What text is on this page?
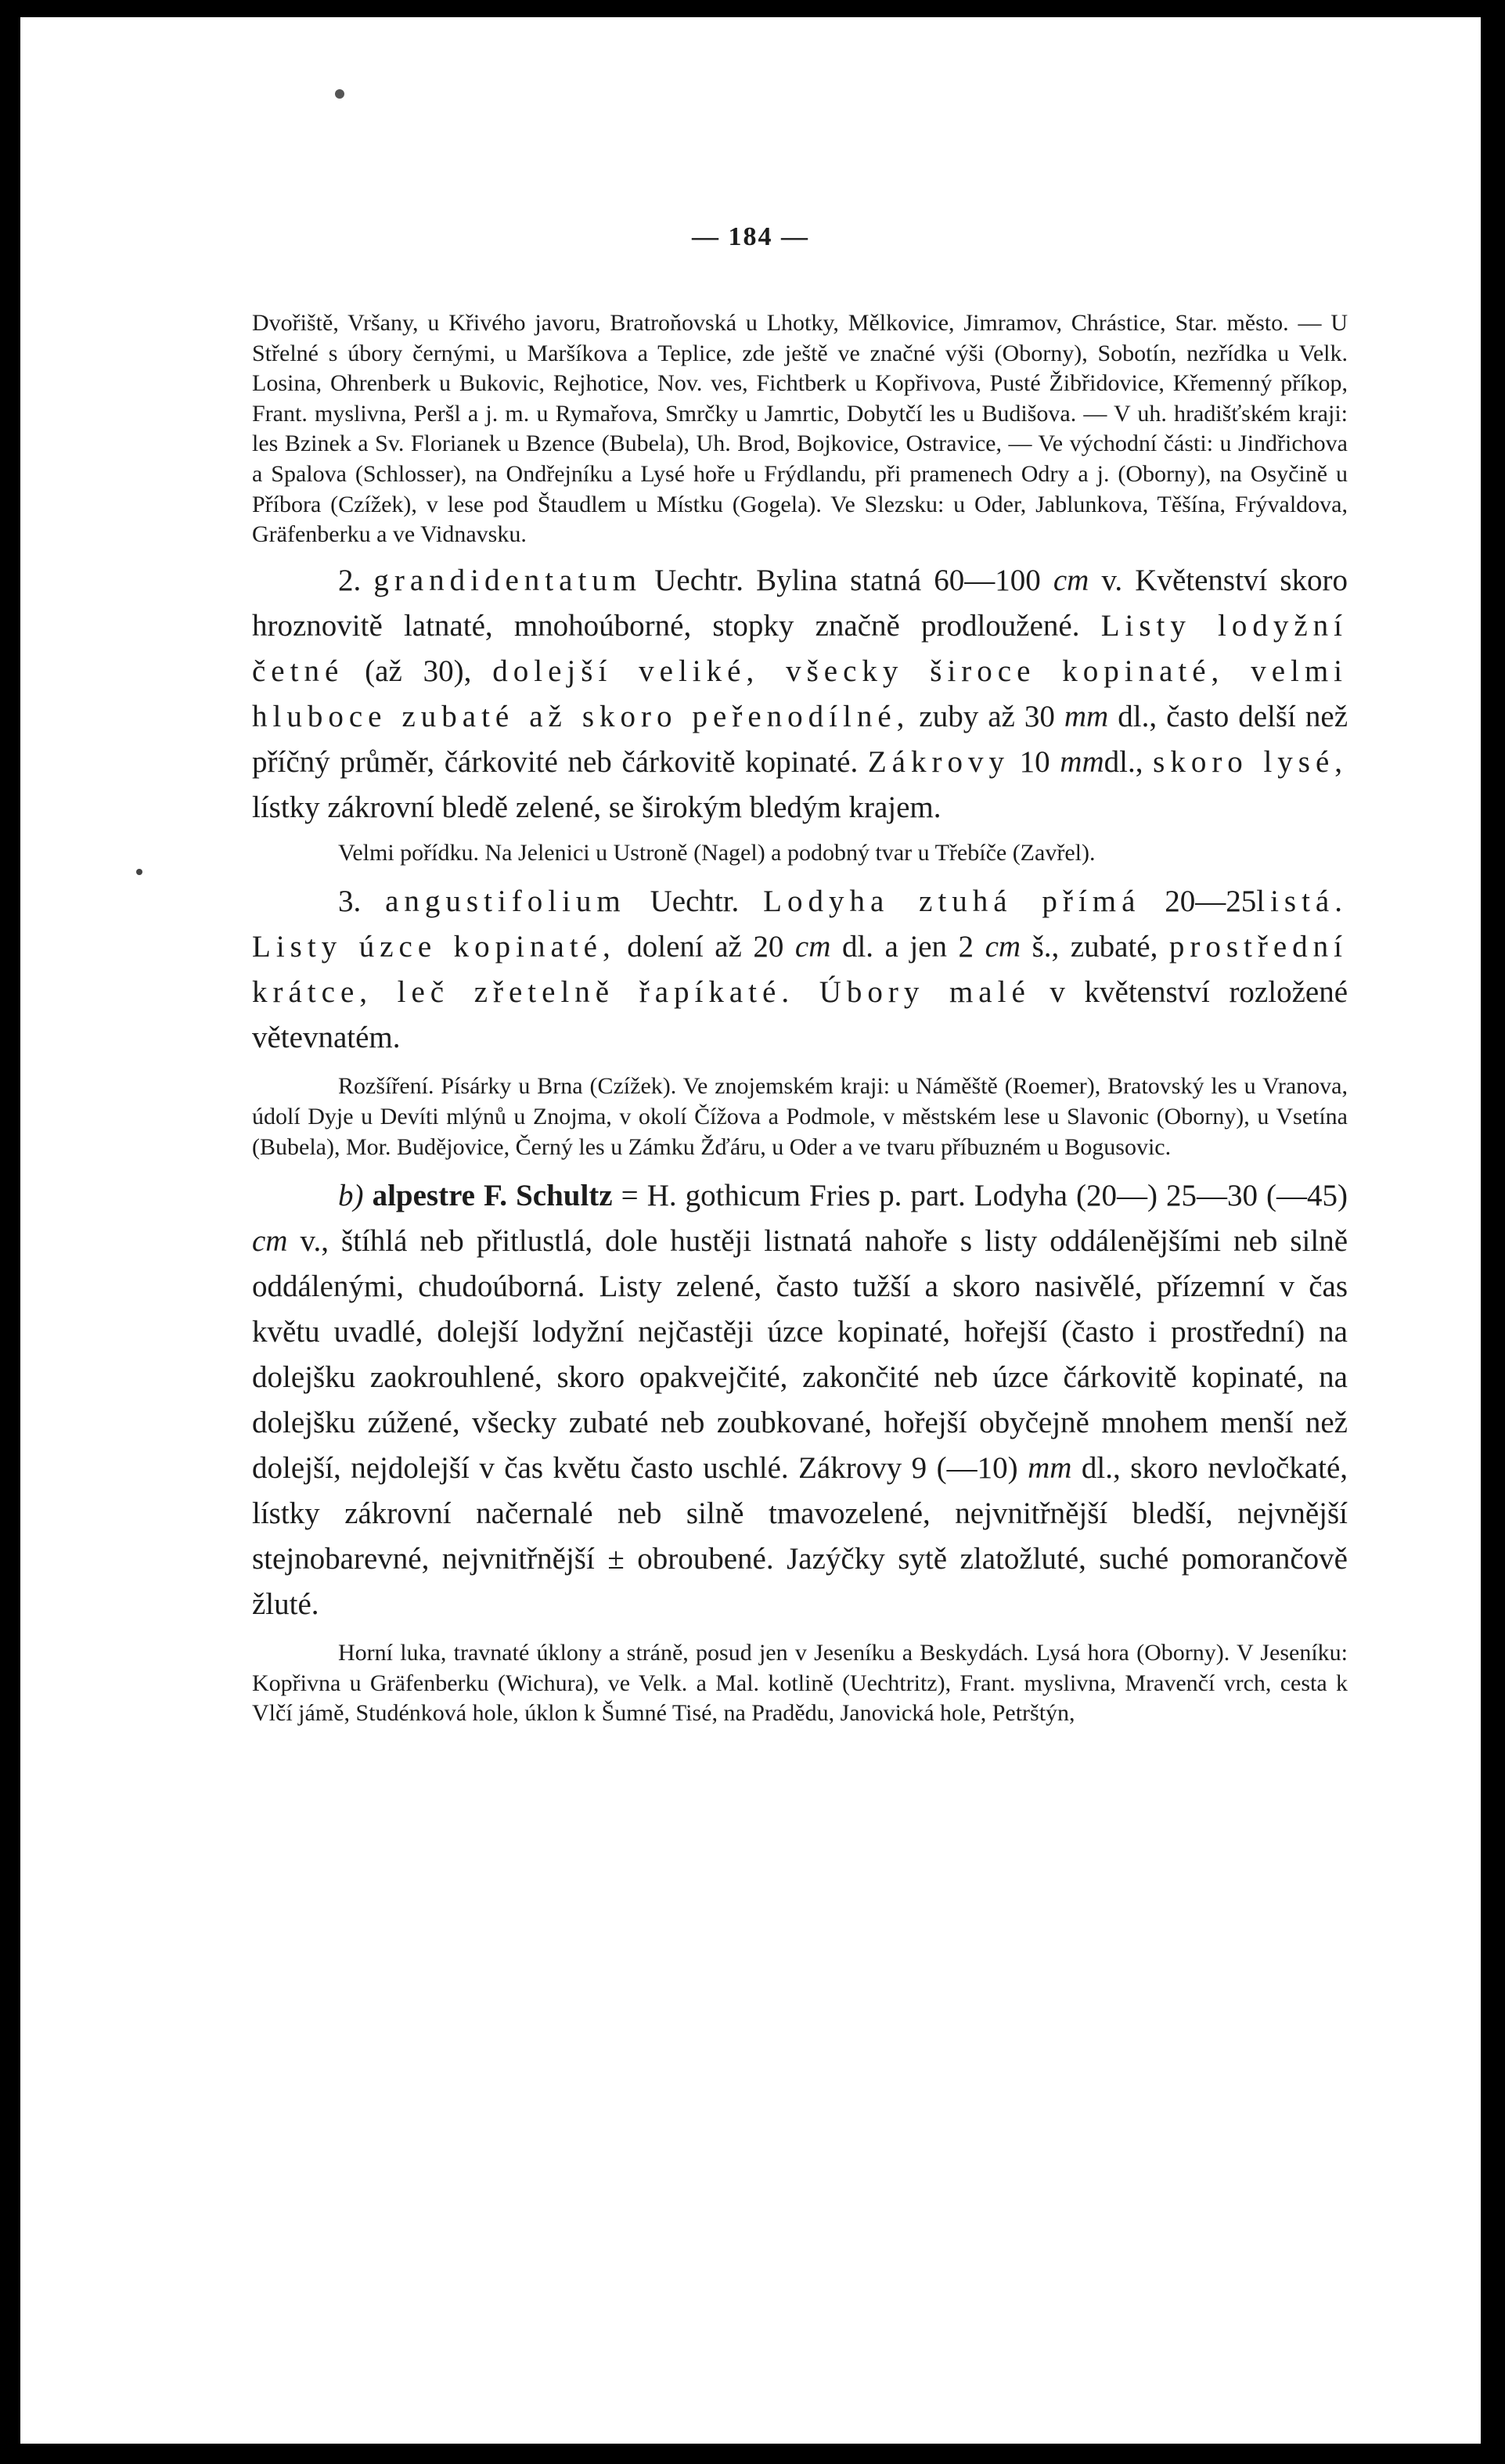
— 184 —

Dvořiště, Vršany, u Křivého javoru, Bratroňovská u Lhotky, Mělkovice, Jimramov, Chrástice, Star. město. — U Střelné s úbory černými, u Maršíkova a Teplice, zde ještě ve značné výši (Oborny), Sobotín, nezřídka u Velk. Losina, Ohrenberk u Bukovic, Rejhotice, Nov. ves, Fichtberk u Kopřivova, Pusté Žibřidovice, Křemenný příkop, Frant. myslivna, Peršl a j. m. u Rymařova, Smrčky u Jamrtic, Dobytčí les u Budišova. — V uh. hradišťském kraji: les Bzinek a Sv. Florianek u Bzence (Bubela), Uh. Brod, Bojkovice, Ostravice, — Ve východní části: u Jindřichova a Spalova (Schlosser), na Ondřejníku a Lysé hoře u Frýdlandu, při pramenech Odry a j. (Oborny), na Osyčině u Příbora (Czížek), v lese pod Štaudlem u Místku (Gogela). Ve Slezsku: u Oder, Jablunkova, Těšína, Frývaldova, Gräfenberku a ve Vidnavsku.

2. grandidentatum Uechtr. Bylina statná 60—100 cm v. Květenství skoro hroznovitě latnaté, mnohoúborné, stopky značně prodloužené. Listy lodyžní četné (až 30), dolejší veliké, všecky široce kopinaté, velmi hluboce zubaté až skoro peřenodílné, zuby až 30 mm dl., často delší než příčný průměr, čárkovité neb čárkovitě kopinaté. Zákrovy 10 mmdl., skoro lysé, lístky zákrovní bledě zelené, se širokým bledým krajem.

Velmi pořídku. Na Jelenici u Ustroně (Nagel) a podobný tvar u Třebíče (Zavřel).

3. angustifolium Uechtr. Lodyha ztuhá přímá 20—25listá. Listy úzce kopinaté, dolení až 20 cm dl. a jen 2 cm š., zubaté, prostřední krátce, leč zřetelně řapíkaté. Úbory malé v květenství rozložené větevnatém.

Rozšíření. Písárky u Brna (Czížek). Ve znojemském kraji: u Náměště (Roemer), Bratovský les u Vranova, údolí Dyje u Devíti mlýnů u Znojma, v okolí Čížova a Podmole, v městském lese u Slavonic (Oborny), u Vsetína (Bubela), Mor. Budějovice, Černý les u Zámku Žďáru, u Oder a ve tvaru příbuzném u Bogusovic.

b) alpestre F. Schultz = H. gothicum Fries p. part. Lodyha (20—) 25—30 (—45) cm v., štíhlá neb přitlustlá, dole hustěji listnatá nahoře s listy oddálenějšími neb silně oddálenými, chudoúborná. Listy zelené, často tužší a skoro nasivělé, přízemní v čas květu uvadlé, dolejší lodyžní nejčastěji úzce kopinaté, hořejší (často i prostřední) na dolejšku zaokrouhlené, skoro opakvejčité, zakončité neb úzce čárkovitě kopinaté, na dolejšku zúžené, všecky zubaté neb zoubkované, hořejší obyčejně mnohem menší než dolejší, nejdolejší v čas květu často uschlé. Zákrovy 9 (—10) mm dl., skoro nevločkaté, lístky zákrovní načernalé neb silně tmavozelené, nejvnitřnější bledší, nejvnější stejnobarevné, nejvnitřnější ± obroubené. Jazýčky sytě zlatožluté, suché pomorančově žluté.

Horní luka, travnaté úklony a stráně, posud jen v Jeseníku a Beskydách. Lysá hora (Oborny). V Jeseníku: Kopřivna u Gräfenberku (Wichura), ve Velk. a Mal. kotlině (Uechtritz), Frant. myslivna, Mravenčí vrch, cesta k Vlčí jámě, Studénková hole, úklon k Šumné Tisé, na Pradědu, Janovická hole, Petrštýn,
